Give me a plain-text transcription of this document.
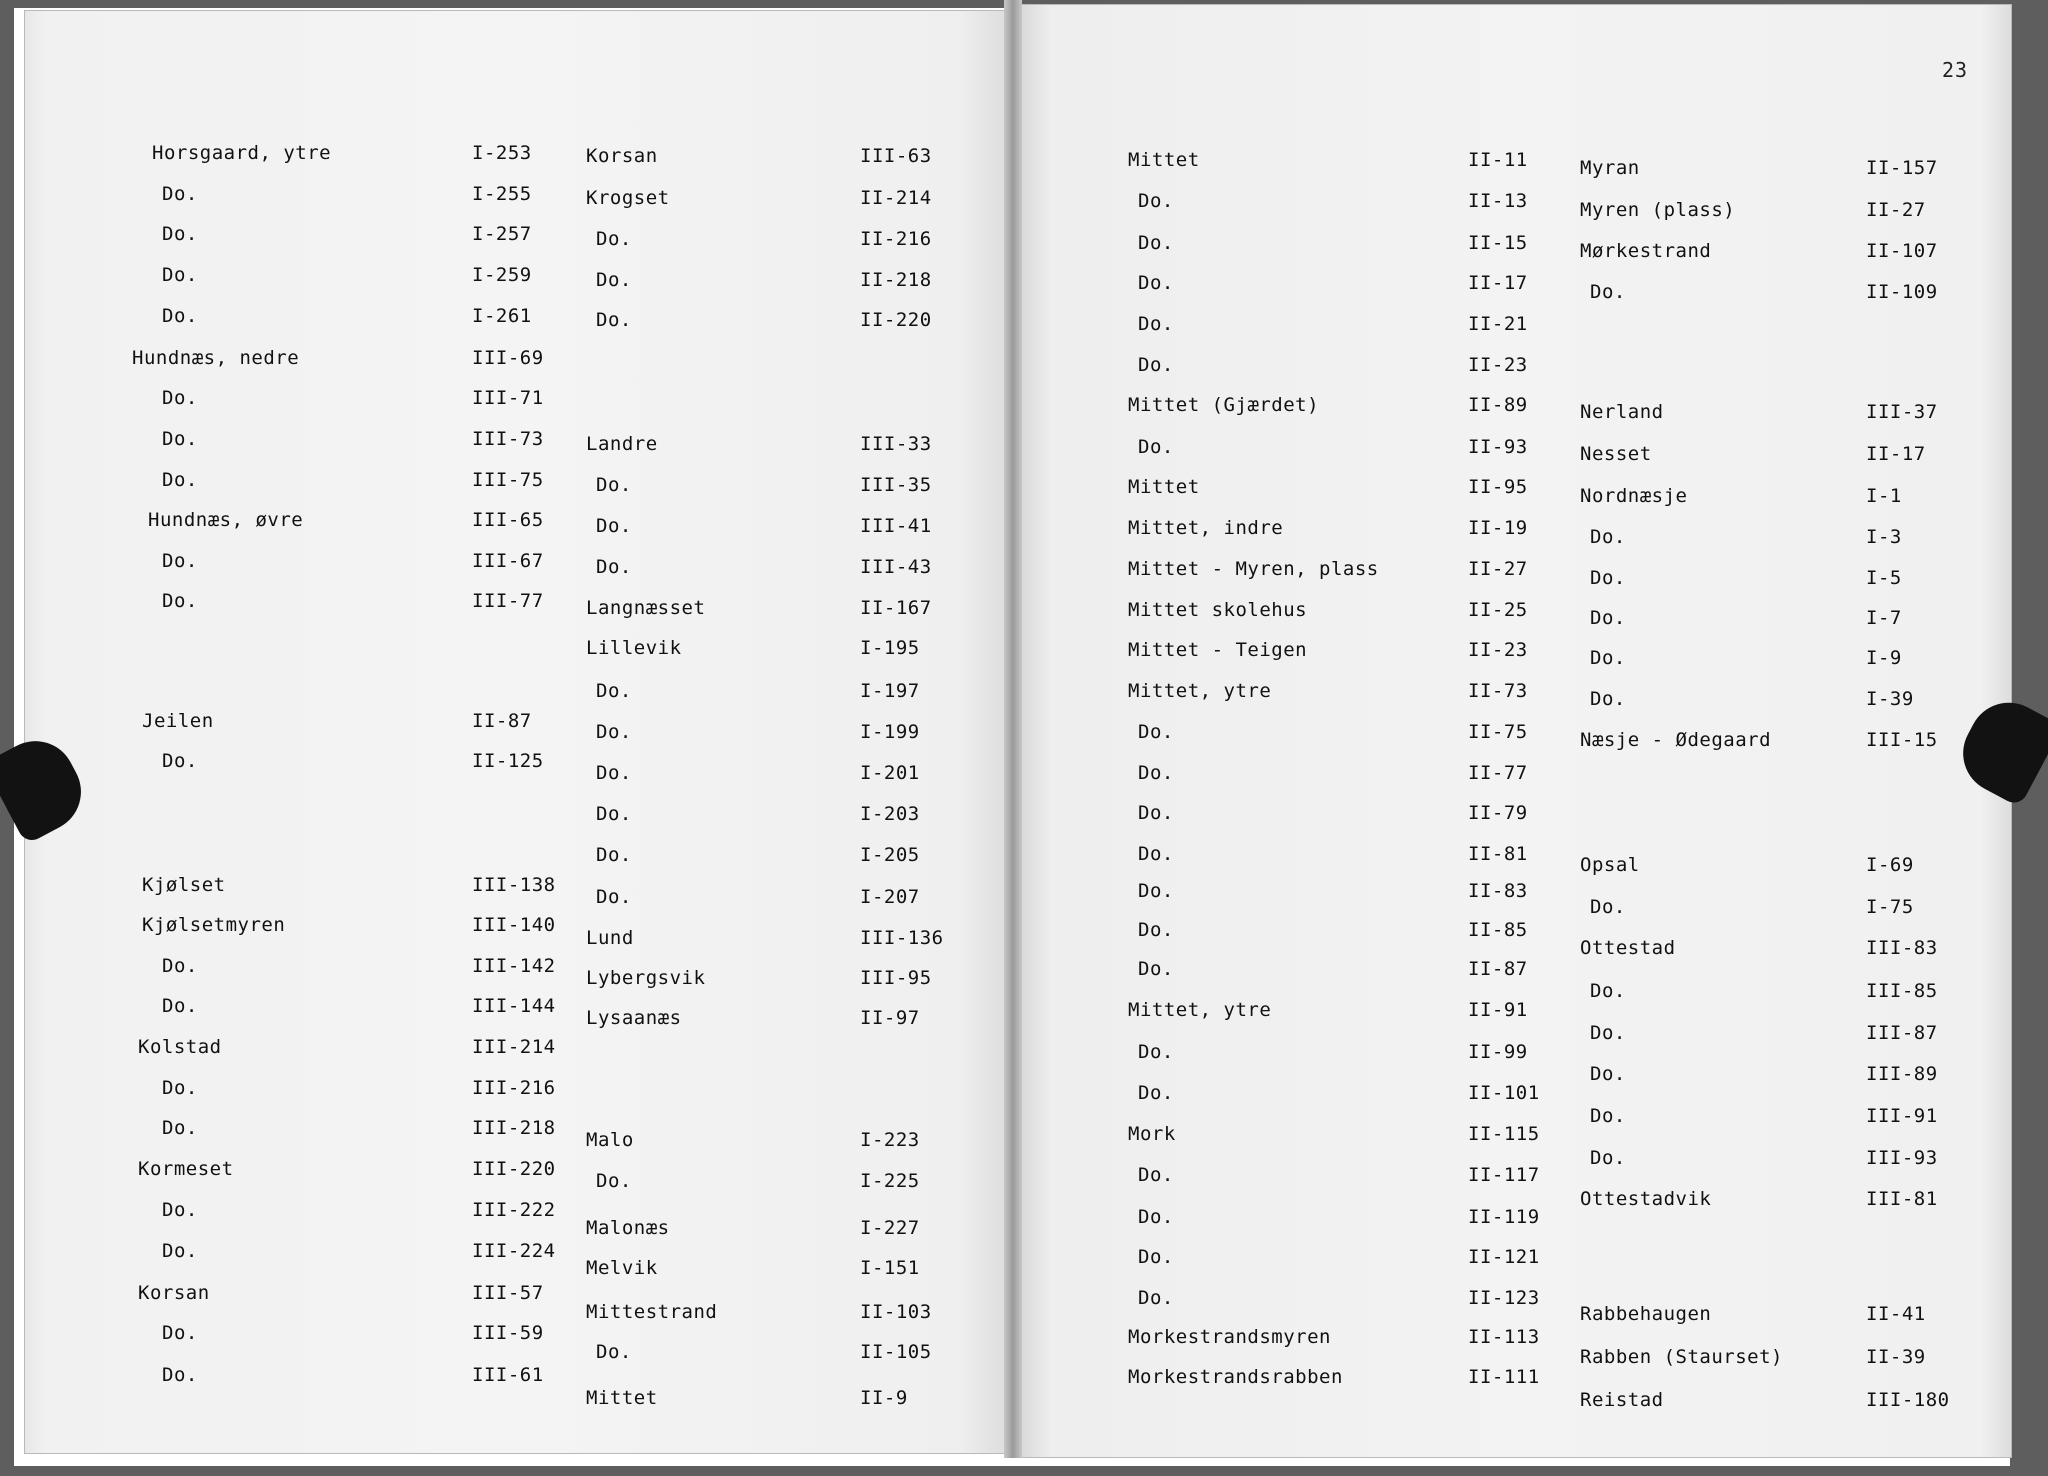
23
Horsgaard, ytre	I-253
Do.	I-255
Do.	I-257
Do.	I-259
Do.	I-261
Hundnæs, nedre	III-69
Do.	III-71
Do.	III-73
Do.	III-75
Hundnæs, øvre	III-65
Do.	III-67
Do.	III-77
Jeilen	II-87
Do.	II-125
Kjølset	III-138
Kjølsetmyren	III-140
Do.	III-142
Do.	III-144
Kolstad	III-214
Do.	III-216
Do.	III-218
Kormeset	III-220
Do.	III-222
Do.	III-224
Korsan	III-57
Do.	III-59
Do.	III-61
Korsan	III-63
Krogset	II-214
Do.	II-216
Do.	II-218
Do.	II-220
Landre	III-33
Do.	III-35
Do.	III-41
Do.	III-43
Langnæsset	II-167
Lillevik	I-195
Do.	I-197
Do.	I-199
Do.	I-201
Do.	I-203
Do.	I-205
Do.	I-207
Lund	III-136
Lybergsvik	III-95
Lysaanæs	II-97
Malo	I-223
Do.	I-225
Malonæs	I-227
Melvik	I-151
Mittestrand	II-103
Do.	II-105
Mittet	II-9
Mittet	II-11
Do.	II-13
Do.	II-15
Do.	II-17
Do.	II-21
Do.	II-23
Mittet (Gjærdet)	II-89
Do.	II-93
Mittet	II-95
Mittet, indre	II-19
Mittet - Myren, plass	II-27
Mittet skolehus	II-25
Mittet - Teigen	II-23
Mittet, ytre	II-73
Do.	II-75
Do.	II-77
Do.	II-79
Do.	II-81
Do.	II-83
Do.	II-85
Do.	II-87
Mittet, ytre	II-91
Do.	II-99
Do.	II-101
Mork	II-115
Do.	II-117
Do.	II-119
Do.	II-121
Do.	II-123
Morkestrandsmyren	II-113
Morkestrandsrabben	II-111
Myran	II-157
Myren (plass)	II-27
Mørkestrand	II-107
Do.	II-109
Nerland	III-37
Nesset	II-17
Nordnæsje	I-1
Do.	I-3
Do.	I-5
Do.	I-7
Do.	I-9
Do.	I-39
Næsje - Ødegaard	III-15
Opsal	I-69
Do.	I-75
Ottestad	III-83
Do.	III-85
Do.	III-87
Do.	III-89
Do.	III-91
Do.	III-93
Ottestadvik	III-81
Rabbehaugen	II-41
Rabben (Staurset)	II-39
Reistad	III-180
